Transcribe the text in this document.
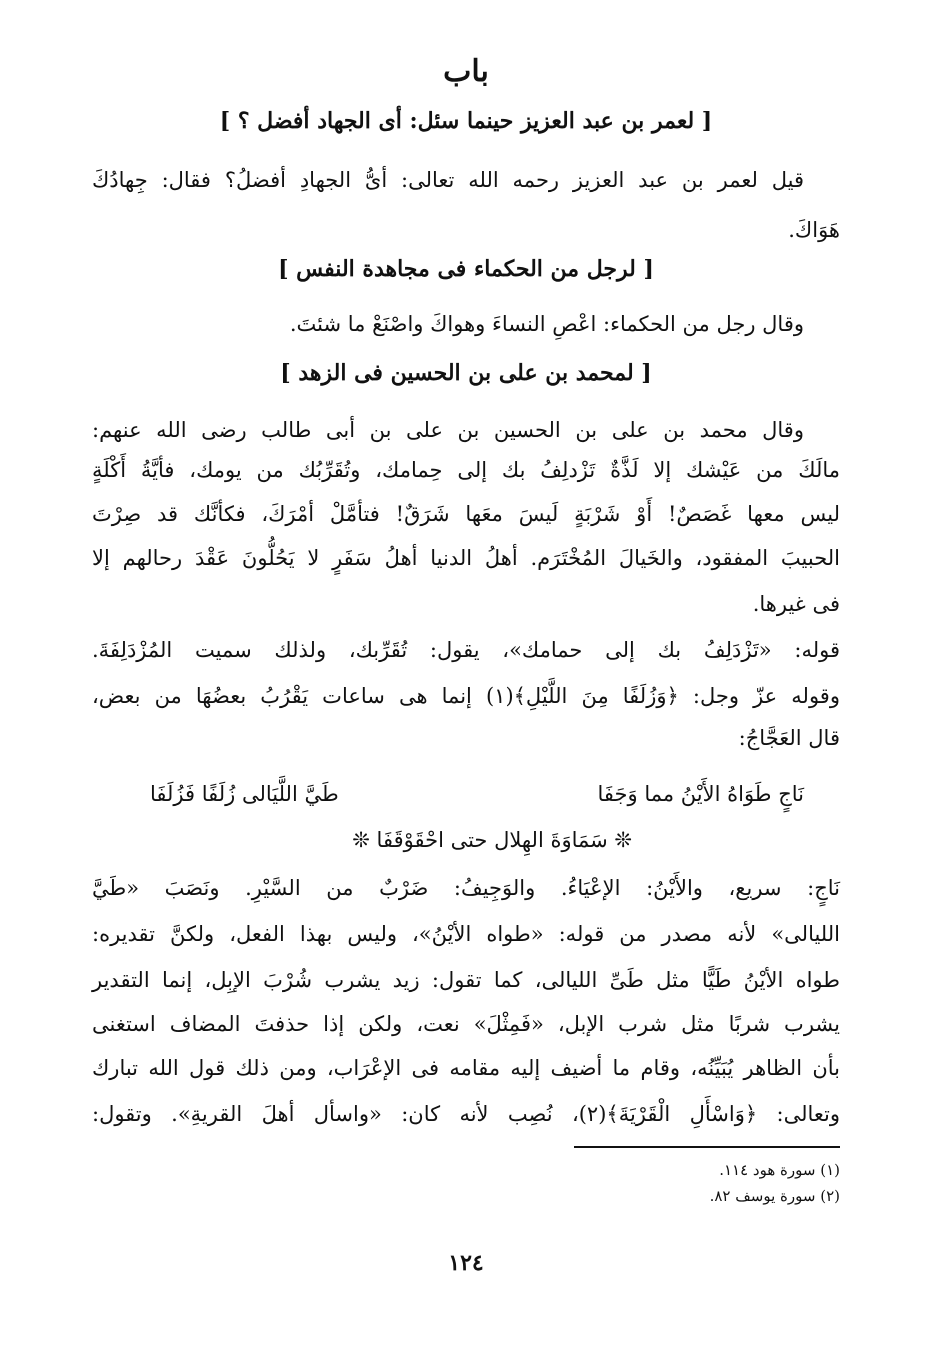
باب
[ لعمر بن عبد العزيز حينما سئل: أى الجهاد أفضل ؟ ]
قيل لعمر بن عبد العزيز رحمه الله تعالى: أىُّ الجهادِ أفضلُ؟ فقال: جِهادُكَ
هَوَاكَ.
[ لرجل من الحكماء فى مجاهدة النفس ]
وقال رجل من الحكماء: اعْصِ النساءَ وهواكَ واصْنَعْ ما شئتَ.
[ لمحمد بن على بن الحسين فى الزهد ]
وقال محمد بن على بن الحسين بن على بن أبى طالب رضى الله عنهم:
مالَكَ من عَيْشك إلا لَذَّةٌ تَزْدلِفُ بك إلى حِمامك، وتُقَرِّبُك من يومك، فأيَّةُ أَكْلَةٍ
ليس معها غَصَصٌ! أَوْ شَرْبَةٍ لَيسَ معَها شَرَقٌ! فتأمَّلْ أمْرَكَ، فكأنَّك قد صِرْتَ
الحبيبَ المفقود، والخَيالَ المُخْتَرَم. أهلُ الدنيا أهلُ سَفَرٍ لا يَحُلُّونَ عَقْدَ رحالهم إلا
فى غيرها.
قوله: «تَزْدَلِفُ بك إلى حمامك»، يقول: تُقَرِّبك، ولذلك سميت المُزْدَلِفَةَ.
وقوله عزّ وجل: ﴿وَزُلَفًا مِنَ اللَّيْلِ﴾(١) إنما هى ساعات يَقْرُبُ بعضُهَا من بعض،
قال العَجَّاجُ:
نَاجٍ طَوَاهُ الأَيْنُ مما وَجَفَا
طَيَّ اللَّيَالى زُلَفًا فَزُلَفَا
❊ سَمَاوَةَ الهِلال حتى احْقَوْقَفَا ❊
نَاجٍ: سريع، والأَيْنُ: الإعْيَاءُ. والوَجِيفُ: ضَرْبٌ من السَّيْرِ. ونَصَبَ «طَيَّ
الليالى» لأنه مصدر من قوله: «طواه الأيْنُ»، وليس بهذا الفعل، ولكنَّ تقديره:
طواه الأيْنُ طَيًّا مثل طَىِّ الليالى، كما تقول: زيد يشرب شُرْبَ الإبِل، إنما التقدير
يشرب شربًا مثل شرب الإبل، «فَمِثْلَ» نعت، ولكن إذا حذفتَ المضاف استغنى
بأن الظاهر يُبَيِّنُه، وقام ما أضيف إليه مقامه فى الإعْرَاب، ومن ذلك قول الله تبارك
وتعالى: ﴿وَاسْأَلِ الْقَرْيَةَ﴾(٢)، نُصِب لأنه كان: «واسأل أهلَ القريةِ». وتقول:
(١) سورة هود ١١٤.
(٢) سورة يوسف ٨٢.
١٢٤
